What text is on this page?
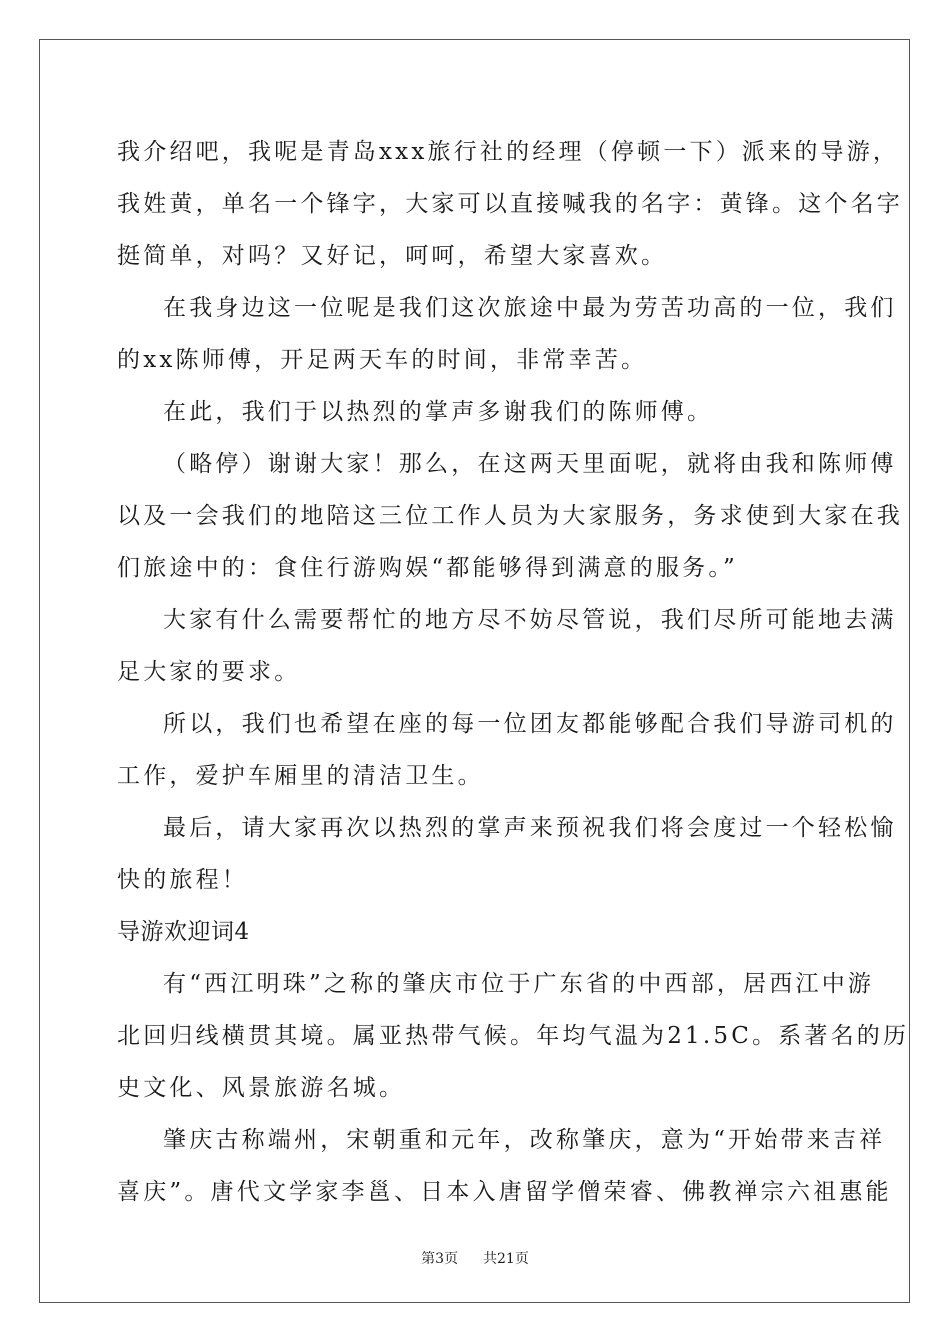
我介绍吧，我呢是青岛xxx旅行社的经理（停顿一下）派来的导游，
我姓黄，单名一个锋字，大家可以直接喊我的名字：黄锋。这个名字
挺简单，对吗？又好记，呵呵，希望大家喜欢。
在我身边这一位呢是我们这次旅途中最为劳苦功高的一位，我们
的xx陈师傅，开足两天车的时间，非常幸苦。
在此，我们于以热烈的掌声多谢我们的陈师傅。
（略停）谢谢大家！那么，在这两天里面呢，就将由我和陈师傅
以及一会我们的地陪这三位工作人员为大家服务，务求使到大家在我
们旅途中的：食住行游购娱“都能够得到满意的服务。”
大家有什么需要帮忙的地方尽不妨尽管说，我们尽所可能地去满
足大家的要求。
所以，我们也希望在座的每一位团友都能够配合我们导游司机的
工作，爱护车厢里的清洁卫生。
最后，请大家再次以热烈的掌声来预祝我们将会度过一个轻松愉
快的旅程！
导游欢迎词4
有“西江明珠”之称的肇庆市位于广东省的中西部，居西江中游
北回归线横贯其境。属亚热带气候。年均气温为21.5C。系著名的历
史文化、风景旅游名城。
肇庆古称端州，宋朝重和元年，改称肇庆，意为“开始带来吉祥
喜庆”。唐代文学家李邕、日本入唐留学僧荣睿、佛教禅宗六祖惠能
第3页 共21页
